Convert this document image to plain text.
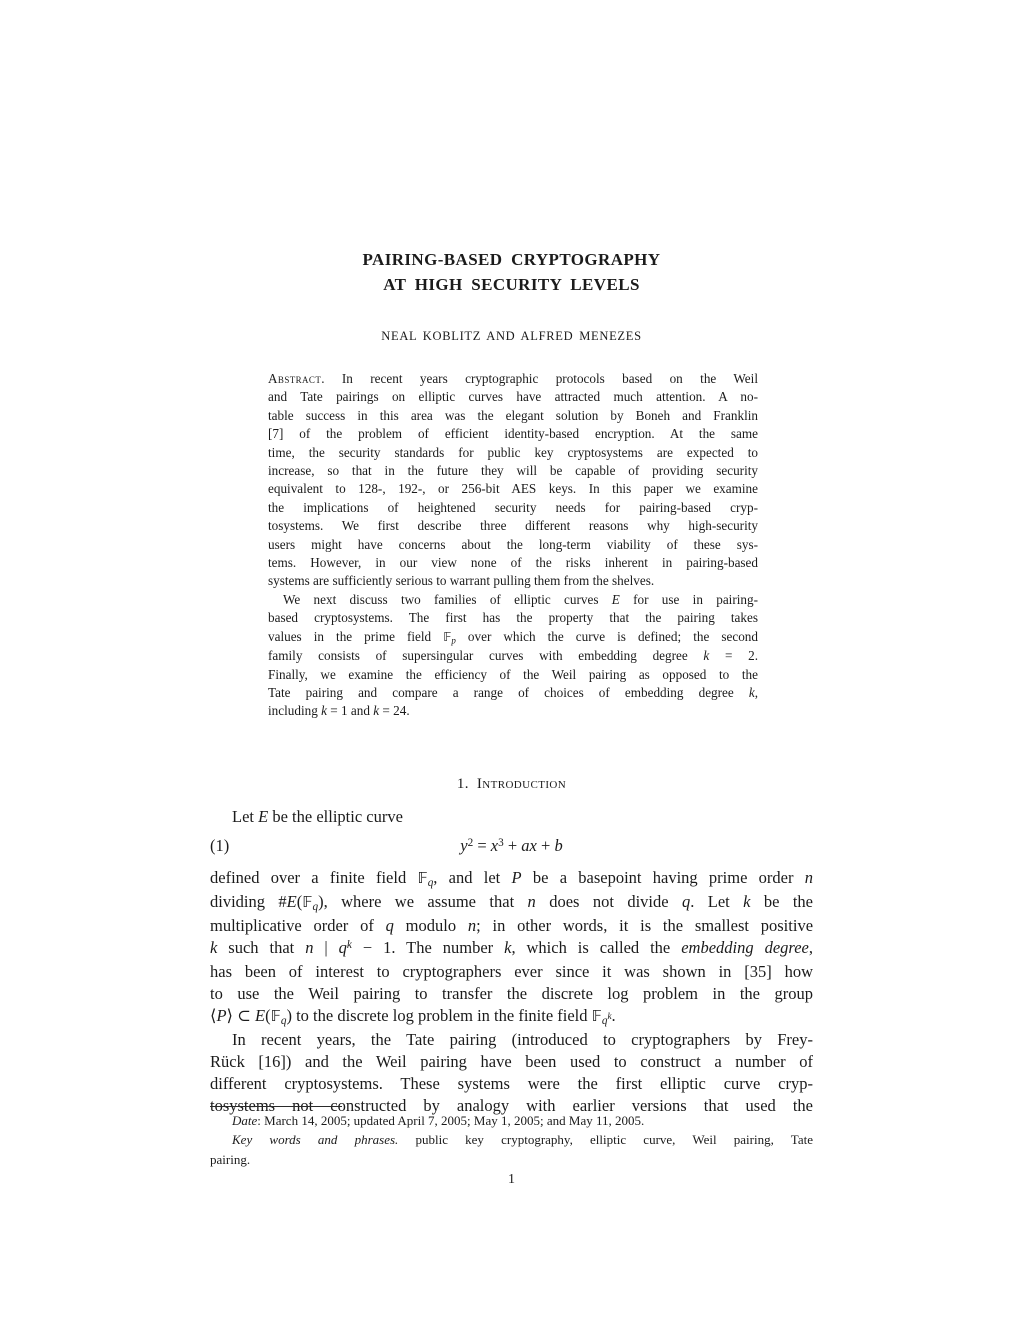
PAIRING-BASED CRYPTOGRAPHY
AT HIGH SECURITY LEVELS
NEAL KOBLITZ AND ALFRED MENEZES
Abstract. In recent years cryptographic protocols based on the Weil
and Tate pairings on elliptic curves have attracted much attention. A no-
table success in this area was the elegant solution by Boneh and Franklin
[7] of the problem of efficient identity-based encryption. At the same
time, the security standards for public key cryptosystems are expected to
increase, so that in the future they will be capable of providing security
equivalent to 128-, 192-, or 256-bit AES keys. In this paper we examine
the implications of heightened security needs for pairing-based cryp-
tosystems. We first describe three different reasons why high-security
users might have concerns about the long-term viability of these sys-
tems. However, in our view none of the risks inherent in pairing-based
systems are sufficiently serious to warrant pulling them from the shelves.
We next discuss two families of elliptic curves E for use in pairing-
based cryptosystems. The first has the property that the pairing takes
values in the prime field 𝔽p over which the curve is defined; the second
family consists of supersingular curves with embedding degree k = 2.
Finally, we examine the efficiency of the Weil pairing as opposed to the
Tate pairing and compare a range of choices of embedding degree k,
including k = 1 and k = 24.
1. Introduction
Let E be the elliptic curve
(1)	y2 = x3 + ax + b
defined over a finite field 𝔽q, and let P be a basepoint having prime order n
dividing #E(𝔽q), where we assume that n does not divide q. Let k be the
multiplicative order of q modulo n; in other words, it is the smallest positive
k such that n | qk − 1. The number k, which is called the embedding degree,
has been of interest to cryptographers ever since it was shown in [35] how
to use the Weil pairing to transfer the discrete log problem in the group
⟨P⟩ ⊂ E(𝔽q) to the discrete log problem in the finite field 𝔽qk.
In recent years, the Tate pairing (introduced to cryptographers by Frey-
Rück [16]) and the Weil pairing have been used to construct a number of
different cryptosystems. These systems were the first elliptic curve cryp-
tosystems not constructed by analogy with earlier versions that used the
Date: March 14, 2005; updated April 7, 2005; May 1, 2005; and May 11, 2005.
Key words and phrases. public key cryptography, elliptic curve, Weil pairing, Tate
pairing.
1
